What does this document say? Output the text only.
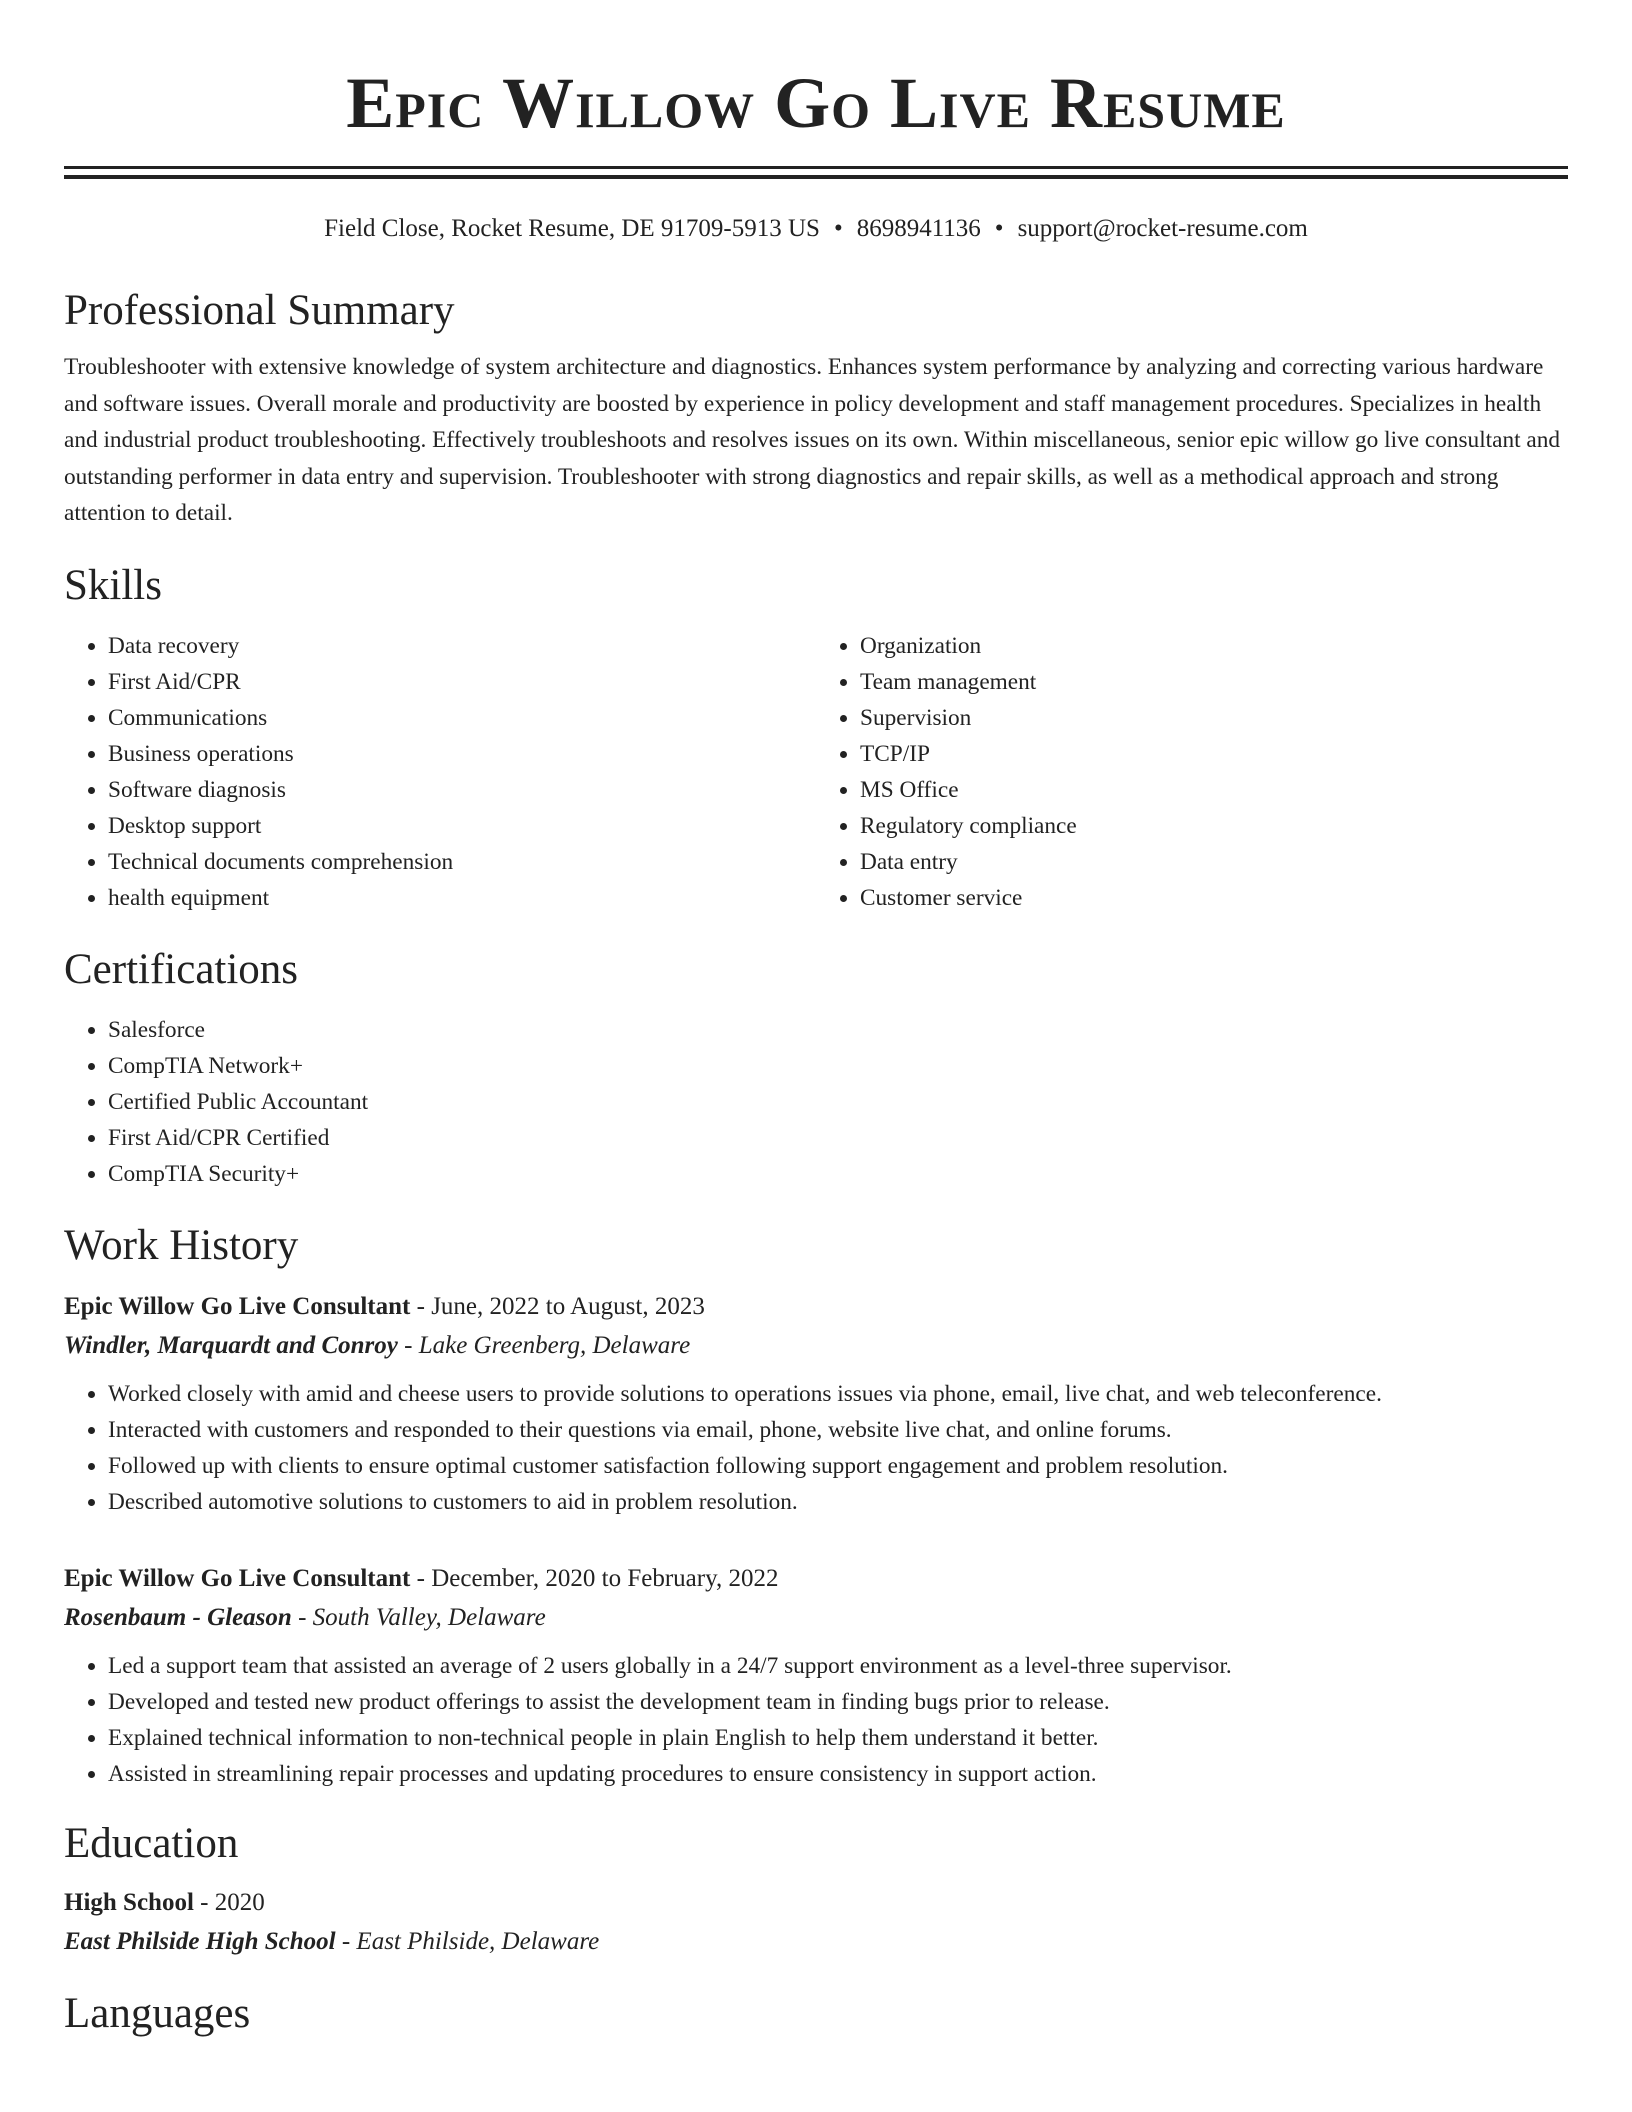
Epic Willow Go Live Resume
Field Close, Rocket Resume, DE 91709-5913 US • 8698941136 • support@rocket-resume.com
Professional Summary

Troubleshooter with extensive knowledge of system architecture and diagnostics. Enhances system performance by analyzing and correcting various hardware and software issues. Overall morale and productivity are boosted by experience in policy development and staff management procedures. Specializes in health and industrial product troubleshooting. Effectively troubleshoots and resolves issues on its own. Within miscellaneous, senior epic willow go live consultant and outstanding performer in data entry and supervision. Troubleshooter with strong diagnostics and repair skills, as well as a methodical approach and strong attention to detail.

Skills
• Data recovery
• First Aid/CPR
• Communications
• Business operations
• Software diagnosis
• Desktop support
• Technical documents comprehension
• health equipment
• Organization
• Team management
• Supervision
• TCP/IP
• MS Office
• Regulatory compliance
• Data entry
• Customer service
Certifications
• Salesforce
• CompTIA Network+
• Certified Public Accountant
• First Aid/CPR Certified
• CompTIA Security+
Work History
Epic Willow Go Live Consultant - June, 2022 to August, 2023
Windler, Marquardt and Conroy - Lake Greenberg, Delaware
• Worked closely with amid and cheese users to provide solutions to operations issues via phone, email, live chat, and web teleconference.
• Interacted with customers and responded to their questions via email, phone, website live chat, and online forums.
• Followed up with clients to ensure optimal customer satisfaction following support engagement and problem resolution.
• Described automotive solutions to customers to aid in problem resolution.
Epic Willow Go Live Consultant - December, 2020 to February, 2022
Rosenbaum - Gleason - South Valley, Delaware
• Led a support team that assisted an average of 2 users globally in a 24/7 support environment as a level-three supervisor.
• Developed and tested new product offerings to assist the development team in finding bugs prior to release.
• Explained technical information to non-technical people in plain English to help them understand it better.
• Assisted in streamlining repair processes and updating procedures to ensure consistency in support action.
Education
High School - 2020
East Philside High School - East Philside, Delaware
Languages
